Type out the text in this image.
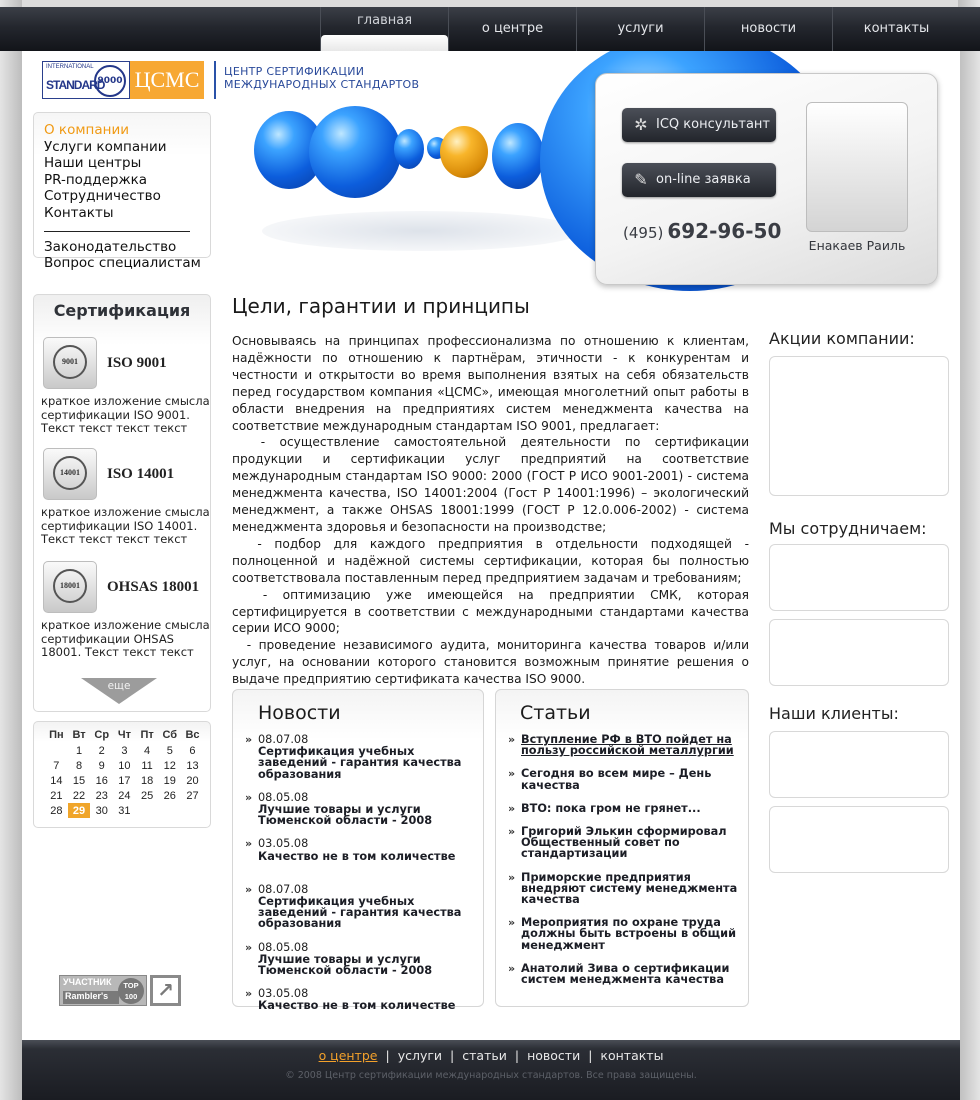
главная
о центре	услуги	новости	контакты
INTERNATIONAL
STANDARD
9000 ЦСМС	ЦЕНТР СЕРТИФИКАЦИИ
МЕЖДУНАРОДНЫХ СТАНДАРТОВ
✲ ICQ консультант
✎ on-line заявка
(495) 692-96-50
Енакаев Раиль
О компании
Услуги компании
Наши центры
PR-поддержка
Сотрудничество
Контакты
Законодательство
Вопрос специалистам
Сертификация
9001	ISO 9001
краткое изложение смысла сертификации ISO 9001. Текст текст текст текст
14001	ISO 14001
краткое изложение смысла сертификации ISO 14001. Текст текст текст текст
18001	OHSAS 18001
краткое изложение смысла сертификации OHSAS 18001. Текст текст текст
еще
Пн	Вт	Ср	Чт	Пт	Сб	Вс
	1	2	3	4	5	6
7	8	9	10	11	12	13
14	15	16	17	18	19	20
21	22	23	24	25	26	27
28	29	30	31			
УЧАСТНИК
Rambler's
TOP
100 ↗
Цели, гарантии и принципы

Основываясь на принципах профессионализма по отношению к клиентам, надёжности по отношению к партнёрам, этичности - к конкурентам и честности и открытости во время выполнения взятых на себя обязательств перед государством компания «ЦСМС», имеющая многолетний опыт работы в области внедрения на предприятиях систем менеджмента качества на соответствие международным стандартам ISO 9001, предлагает:

- осуществление самостоятельной деятельности по сертификации продукции и сертификации услуг предприятий на соответствие международным стандартам ISO 9000: 2000 (ГОСТ Р ИСО 9001-2001) - система менеджмента качества, ISO 14001:2004 (Гост Р 14001:1996) – экологический менеджмент, а также OHSAS 18001:1999 (ГОСТ Р 12.0.006-2002) - система менеджмента здоровья и безопасности на производстве;

- подбор для каждого предприятия в отдельности подходящей - полноценной и надёжной системы сертификации, которая бы полностью соответствовала поставленным перед предприятием задачам и требованиям;

- оптимизацию уже имеющейся на предприятии СМК, которая сертифицируется в соответствии с международными стандартами качества серии ИСО 9000;

- проведение независимого аудита, мониторинга качества товаров и/или услуг, на основании которого становится возможным принятие решения о выдаче предприятию сертификата качества ISO 9000.

Новости
» 08.07.08
Сертификация учебных заведений - гарантия качества образования
» 08.05.08
Лучшие товары и услуги Тюменской области - 2008
» 03.05.08
Качество не в том количестве
» 08.07.08
Сертификация учебных заведений - гарантия качества образования
» 08.05.08
Лучшие товары и услуги Тюменской области - 2008
» 03.05.08
Качество не в том количестве
Статьи
» Вступление РФ в ВТО пойдет на пользу российской металлургии
» Сегодня во всем мире – День качества
» ВТО: пока гром не грянет...
» Григорий Элькин сформировал Общественный совет по стандартизации
» Приморские предприятия внедряют систему менеджмента качества
» Мероприятия по охране труда должны быть встроены в общий менеджмент
» Анатолий Зива о сертификации систем менеджмента качества
Акции компании:
Мы сотрудничаем:
Наши клиенты:
о центре | услуги | статьи | новости | контакты
© 2008 Центр сертификации международных стандартов. Все права защищены.
